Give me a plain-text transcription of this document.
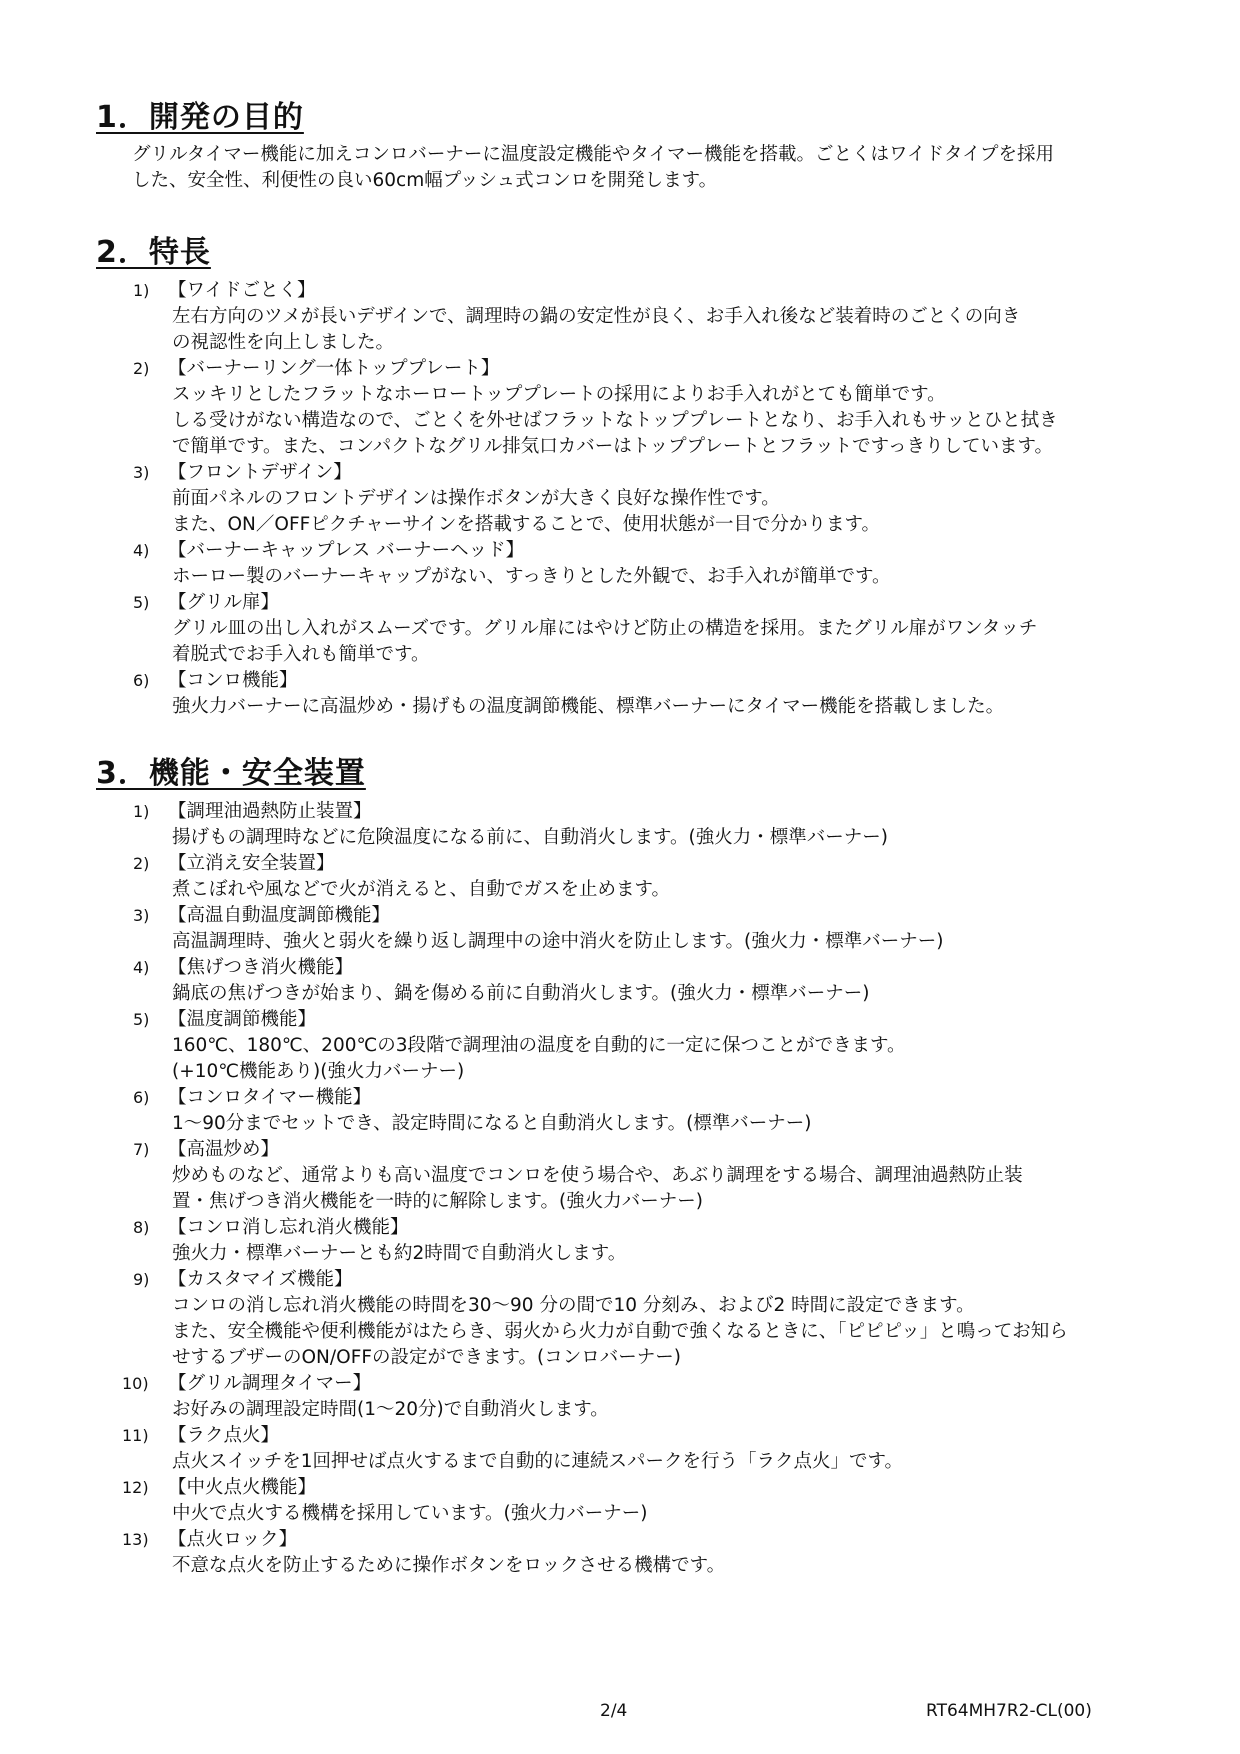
1．開発の目的
グリルタイマー機能に加えコンロバーナーに温度設定機能やタイマー機能を搭載。ごとくはワイドタイプを採用
した、安全性、利便性の良い60cm幅プッシュ式コンロを開発します。
2．特長
1) 【ワイドごとく】
左右方向のツメが長いデザインで、調理時の鍋の安定性が良く、お手入れ後など装着時のごとくの向き
の視認性を向上しました。
2) 【バーナーリング一体トッププレート】
スッキリとしたフラットなホーロートッププレートの採用によりお手入れがとても簡単です。
しる受けがない構造なので、ごとくを外せばフラットなトッププレートとなり、お手入れもサッとひと拭き
で簡単です。また、コンパクトなグリル排気口カバーはトッププレートとフラットですっきりしています。
3) 【フロントデザイン】
前面パネルのフロントデザインは操作ボタンが大きく良好な操作性です。
また、ON／OFFピクチャーサインを搭載することで、使用状態が一目で分かります。
4) 【バーナーキャップレス バーナーヘッド】
ホーロー製のバーナーキャップがない、すっきりとした外観で、お手入れが簡単です。
5) 【グリル扉】
グリル皿の出し入れがスムーズです。グリル扉にはやけど防止の構造を採用。またグリル扉がワンタッチ
着脱式でお手入れも簡単です。
6) 【コンロ機能】
強火力バーナーに高温炒め・揚げもの温度調節機能、標準バーナーにタイマー機能を搭載しました。
3．機能・安全装置
1) 【調理油過熱防止装置】
揚げもの調理時などに危険温度になる前に、自動消火します。(強火力・標準バーナー)
2) 【立消え安全装置】
煮こぼれや風などで火が消えると、自動でガスを止めます。
3) 【高温自動温度調節機能】
高温調理時、強火と弱火を繰り返し調理中の途中消火を防止します。(強火力・標準バーナー)
4) 【焦げつき消火機能】
鍋底の焦げつきが始まり、鍋を傷める前に自動消火します。(強火力・標準バーナー)
5) 【温度調節機能】
160℃、180℃、200℃の3段階で調理油の温度を自動的に一定に保つことができます。
(+10℃機能あり)(強火力バーナー)
6) 【コンロタイマー機能】
1～90分までセットでき、設定時間になると自動消火します。(標準バーナー)
7) 【高温炒め】
炒めものなど、通常よりも高い温度でコンロを使う場合や、あぶり調理をする場合、調理油過熱防止装
置・焦げつき消火機能を一時的に解除します。(強火力バーナー)
8) 【コンロ消し忘れ消火機能】
強火力・標準バーナーとも約2時間で自動消火します。
9) 【カスタマイズ機能】
コンロの消し忘れ消火機能の時間を30～90 分の間で10 分刻み、および2 時間に設定できます。
また、安全機能や便利機能がはたらき、弱火から火力が自動で強くなるときに、「ピピピッ」と鳴ってお知ら
せするブザーのON/OFFの設定ができます。(コンロバーナー)
10) 【グリル調理タイマー】
お好みの調理設定時間(1～20分)で自動消火します。
11) 【ラク点火】
点火スイッチを1回押せば点火するまで自動的に連続スパークを行う「ラク点火」です。
12) 【中火点火機能】
中火で点火する機構を採用しています。(強火力バーナー)
13) 【点火ロック】
不意な点火を防止するために操作ボタンをロックさせる機構です。
2/4	RT64MH7R2-CL(00)
